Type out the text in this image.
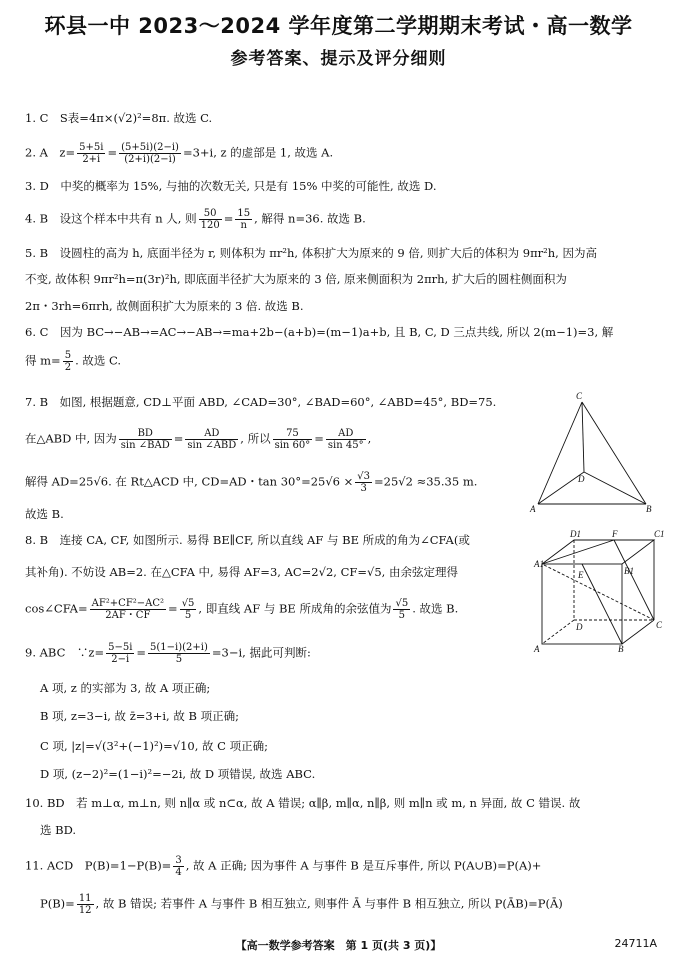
环县一中 2023～2024 学年度第二学期期末考试・高一数学
参考答案、提示及评分细则
1. C　S表=4π×(√2)²=8π. 故选 C.
2. A　$z= \frac{5+5i}{2+i} = \frac{(5+5i)(2-i)}{(2+i)(2-i)} =3+i$, z 的虚部是 1, 故选 A.
3. D　中奖的概率为 15%, 与抽的次数无关, 只是有 15% 中奖的可能性, 故选 D.
4. B　设这个样本中共有 n 人, 则 $\frac{50}{120} = \frac{15}{n}$ , 解得 n=36. 故选 B.
5. B　设圆柱的高为 h, 底面半径为 r, 则体积为 πr²h, 体积扩大为原来的 9 倍, 则扩大后的体积为 9πr²h, 因为高
不变, 故体积 9πr²h=π(3r)²h, 即底面半径扩大为原来的 3 倍, 原来侧面积为 2πrh, 扩大后的圆柱侧面积为
2π・3rh=6πrh, 故侧面积扩大为原来的 3 倍. 故选 B.
6. C　因为 BC→−AB→=AC→−AB→=ma+2b−(a+b)=(m−1)a+b, 且 B, C, D 三点共线, 所以 2(m−1)=3, 解
得 $m= \frac{5}{2}$ . 故选 C.
7. B　如图, 根据题意, CD⊥平面 ABD, ∠CAD=30°, ∠BAD=60°, ∠ABD=45°, BD=75.
在△ABD 中, 因为 $\frac{BD}{\text{sin ∠BAD}} = \frac{AD}{\text{sin ∠ABD}}$ , 所以 $\frac{75}{\sin 60^\circ} = \frac{AD}{\sin 45^\circ}$ ,
解得 AD=25√6. 在 Rt△ACD 中, CD=AD・$\tan 30^\circ=25√6 \times \frac{√3}{3} =25√2 \approx 35.35$ m.
故选 B.
C
D
A	B
8. B　连接 CA, CF, 如图所示. 易得 BE∥CF, 所以直线 AF 与 BE 所成的角为∠CFA(或
其补角). 不妨设 AB=2. 在△CFA 中, 易得 AF=3, AC=2√2, CF=√5, 由余弦定理得
cos∠CFA= $\frac{\text{AF²+CF²−AC²}}{2AF・CF} = \frac{√5}{5}$ , 即直线 AF 与 BE 所成角的余弦值为 $\frac{√5}{5}$ . 故选 B.
D1	F	C1
A1
E	B1
A
D	C
B
9. ABC　∵z= $\frac{5-5i}{2-i} = \frac{5(1-i)(2+i)}{5} =3-i$, 据此可判断:
A 项, z 的实部为 3, 故 A 项正确;
B 项, z=3−i, 故 z̄=3+i, 故 B 项正确;
C 项, |z|=√(3²+(−1)²)=√10, 故 C 项正确;
D 项, (z−2)²=(1−i)²=−2i, 故 D 项错误, 故选 ABC.
10. BD　若 m⊥α, m⊥n, 则 n∥α 或 n⊂α, 故 A 错误; α∥β, m∥α, n∥β, 则 m∥n 或 m, n 异面, 故 C 错误. 故
选 BD.
11. ACD　$P(B)=1-P(B)= \frac{3}{4}$ , 故 A 正确; 因为事件 A 与事件 B 是互斥事件, 所以 P(A∪B)=P(A)+
$P(B)= \frac{11}{12}$ , 故 B 错误; 若事件 A 与事件 B 相互独立, 则事件 Ā 与事件 B 相互独立, 所以 P(ĀB)=P(Ā)
【高一数学参考答案　第 1 页(共 3 页)】	24711A
